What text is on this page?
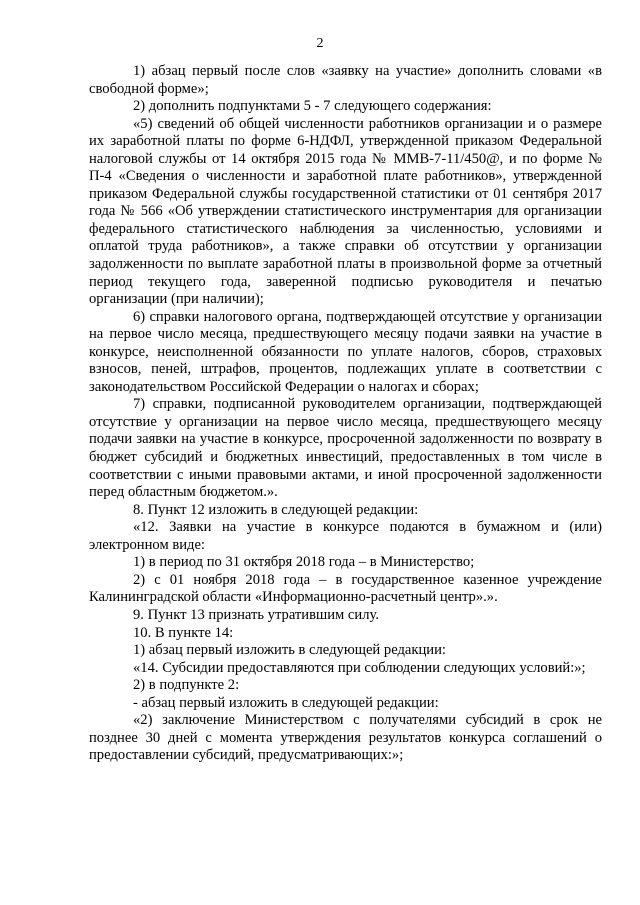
2

1) абзац первый после слов «заявку на участие» дополнить словами «в свободной форме»;

2) дополнить подпунктами 5 - 7 следующего содержания:

«5) сведений об общей численности работников организации и о размере их заработной платы по форме 6-НДФЛ, утвержденной приказом Федеральной налоговой службы от 14 октября 2015 года № ММВ-7-11/450@, и по форме № П-4 «Сведения о численности и заработной плате работников», утвержденной приказом Федеральной службы государственной статистики от 01 сентября 2017 года № 566 «Об утверждении статистического инструментария для организации федерального статистического наблюдения за численностью, условиями и оплатой труда работников», а также справки об отсутствии у организации задолженности по выплате заработной платы в произвольной форме за отчетный период текущего года, заверенной подписью руководителя и печатью организации (при наличии);

6) справки налогового органа, подтверждающей отсутствие у организации на первое число месяца, предшествующего месяцу подачи заявки на участие в конкурсе, неисполненной обязанности по уплате налогов, сборов, страховых взносов, пеней, штрафов, процентов, подлежащих уплате в соответствии с законодательством Российской Федерации о налогах и сборах;

7) справки, подписанной руководителем организации, подтверждающей отсутствие у организации на первое число месяца, предшествующего месяцу подачи заявки на участие в конкурсе, просроченной задолженности по возврату в бюджет субсидий и бюджетных инвестиций, предоставленных в том числе в соответствии с иными правовыми актами, и иной просроченной задолженности перед областным бюджетом.».

8. Пункт 12 изложить в следующей редакции:

«12. Заявки на участие в конкурсе подаются в бумажном и (или) электронном виде:

1) в период по 31 октября 2018 года – в Министерство;

2) с 01 ноября 2018 года – в государственное казенное учреждение Калининградской области «Информационно-расчетный центр».».

9. Пункт 13 признать утратившим силу.

10. В пункте 14:

1) абзац первый изложить в следующей редакции:

«14. Субсидии предоставляются при соблюдении следующих условий:»;

2) в подпункте 2:

- абзац первый изложить в следующей редакции:

«2) заключение Министерством с получателями субсидий в срок не позднее 30 дней с момента утверждения результатов конкурса соглашений о предоставлении субсидий, предусматривающих:»;
